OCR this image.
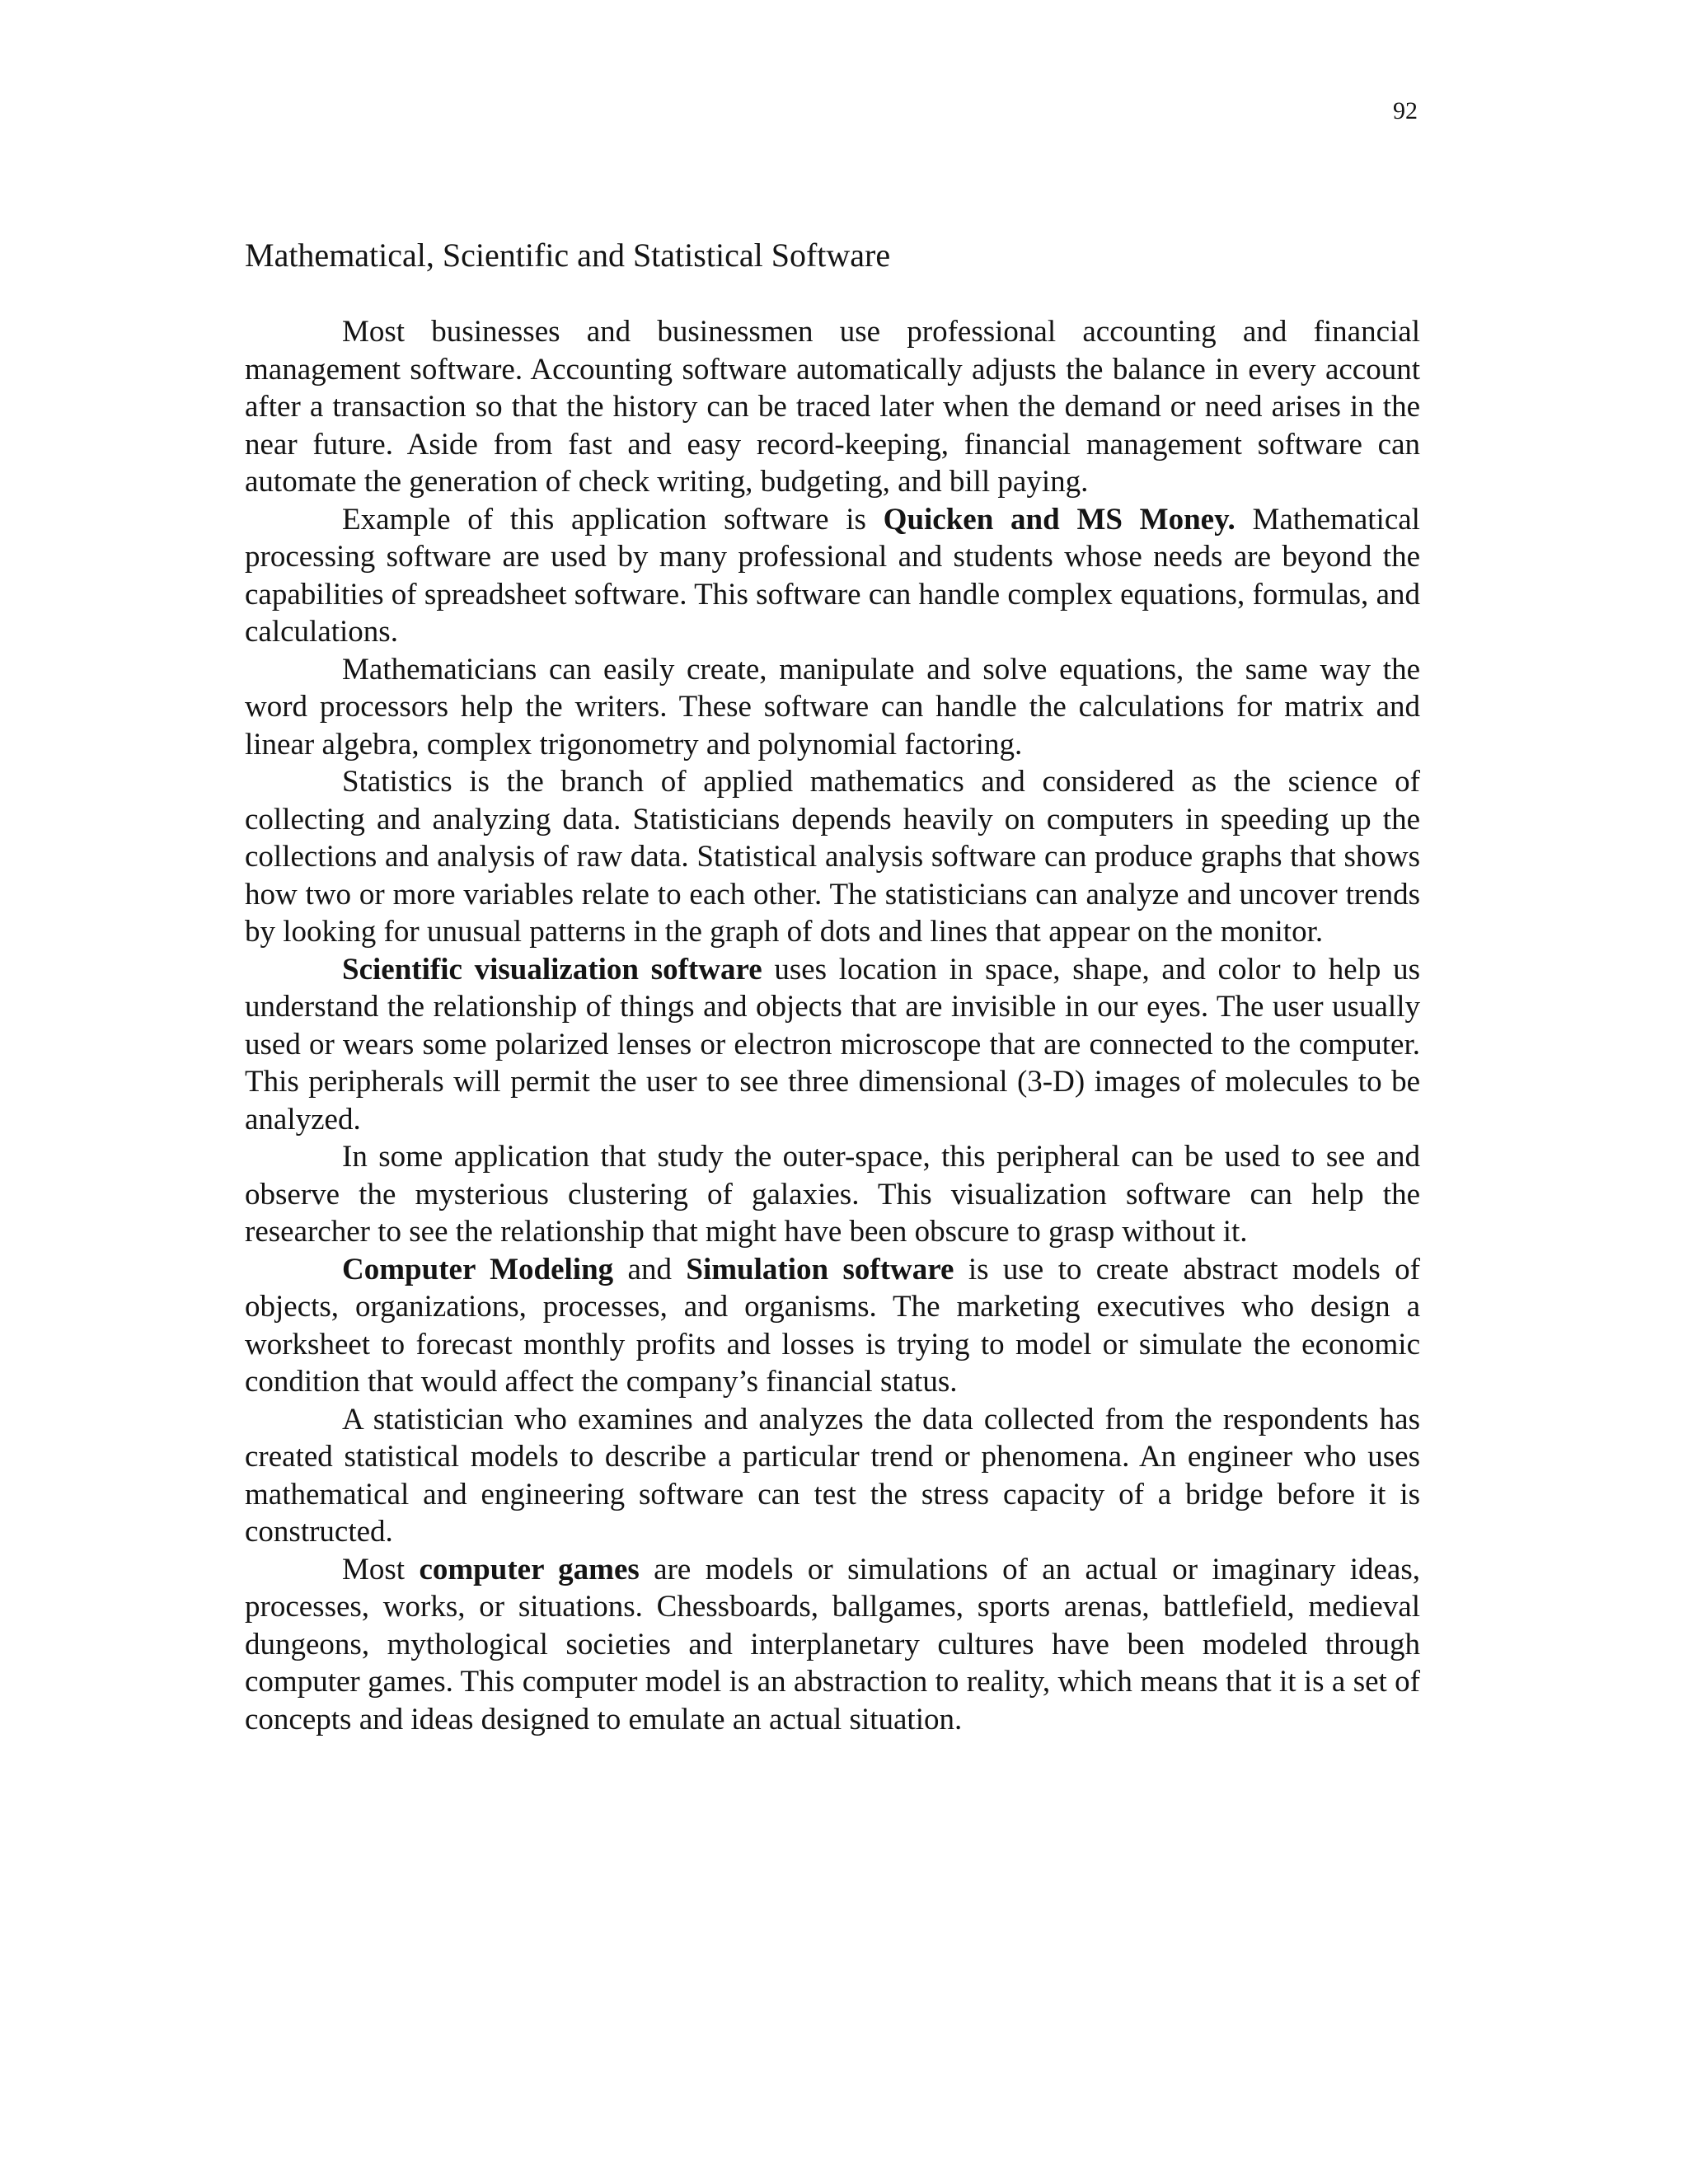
92
Mathematical, Scientific and Statistical Software

Most businesses and businessmen use professional accounting and financial management software. Accounting software automatically adjusts the balance in every account after a transaction so that the history can be traced later when the demand or need arises in the near future. Aside from fast and easy record-keeping, financial management software can automate the generation of check writing, budgeting, and bill paying.

Example of this application software is Quicken and MS Money. Mathematical processing software are used by many professional and students whose needs are beyond the capabilities of spreadsheet software. This software can handle complex equations, formulas, and calculations.

Mathematicians can easily create, manipulate and solve equations, the same way the word processors help the writers. These software can handle the calculations for matrix and linear algebra, complex trigonometry and polynomial factoring.

Statistics is the branch of applied mathematics and considered as the science of collecting and analyzing data. Statisticians depends heavily on computers in speeding up the collections and analysis of raw data. Statistical analysis software can produce graphs that shows how two or more variables relate to each other. The statisticians can analyze and uncover trends by looking for unusual patterns in the graph of dots and lines that appear on the monitor.

Scientific visualization software uses location in space, shape, and color to help us understand the relationship of things and objects that are invisible in our eyes. The user usually used or wears some polarized lenses or electron microscope that are connected to the computer. This peripherals will permit the user to see three dimensional (3-D) images of molecules to be analyzed.

In some application that study the outer-space, this peripheral can be used to see and observe the mysterious clustering of galaxies. This visualization software can help the researcher to see the relationship that might have been obscure to grasp without it.

Computer Modeling and Simulation software is use to create abstract models of objects, organizations, processes, and organisms. The marketing executives who design a worksheet to forecast monthly profits and losses is trying to model or simulate the economic condition that would affect the company’s financial status.

A statistician who examines and analyzes the data collected from the respondents has created statistical models to describe a particular trend or phenomena. An engineer who uses mathematical and engineering software can test the stress capacity of a bridge before it is constructed.

Most computer games are models or simulations of an actual or imaginary ideas, processes, works, or situations. Chessboards, ballgames, sports arenas, battlefield, medieval dungeons, mythological societies and interplanetary cultures have been modeled through computer games. This computer model is an abstraction to reality, which means that it is a set of concepts and ideas designed to emulate an actual situation.
